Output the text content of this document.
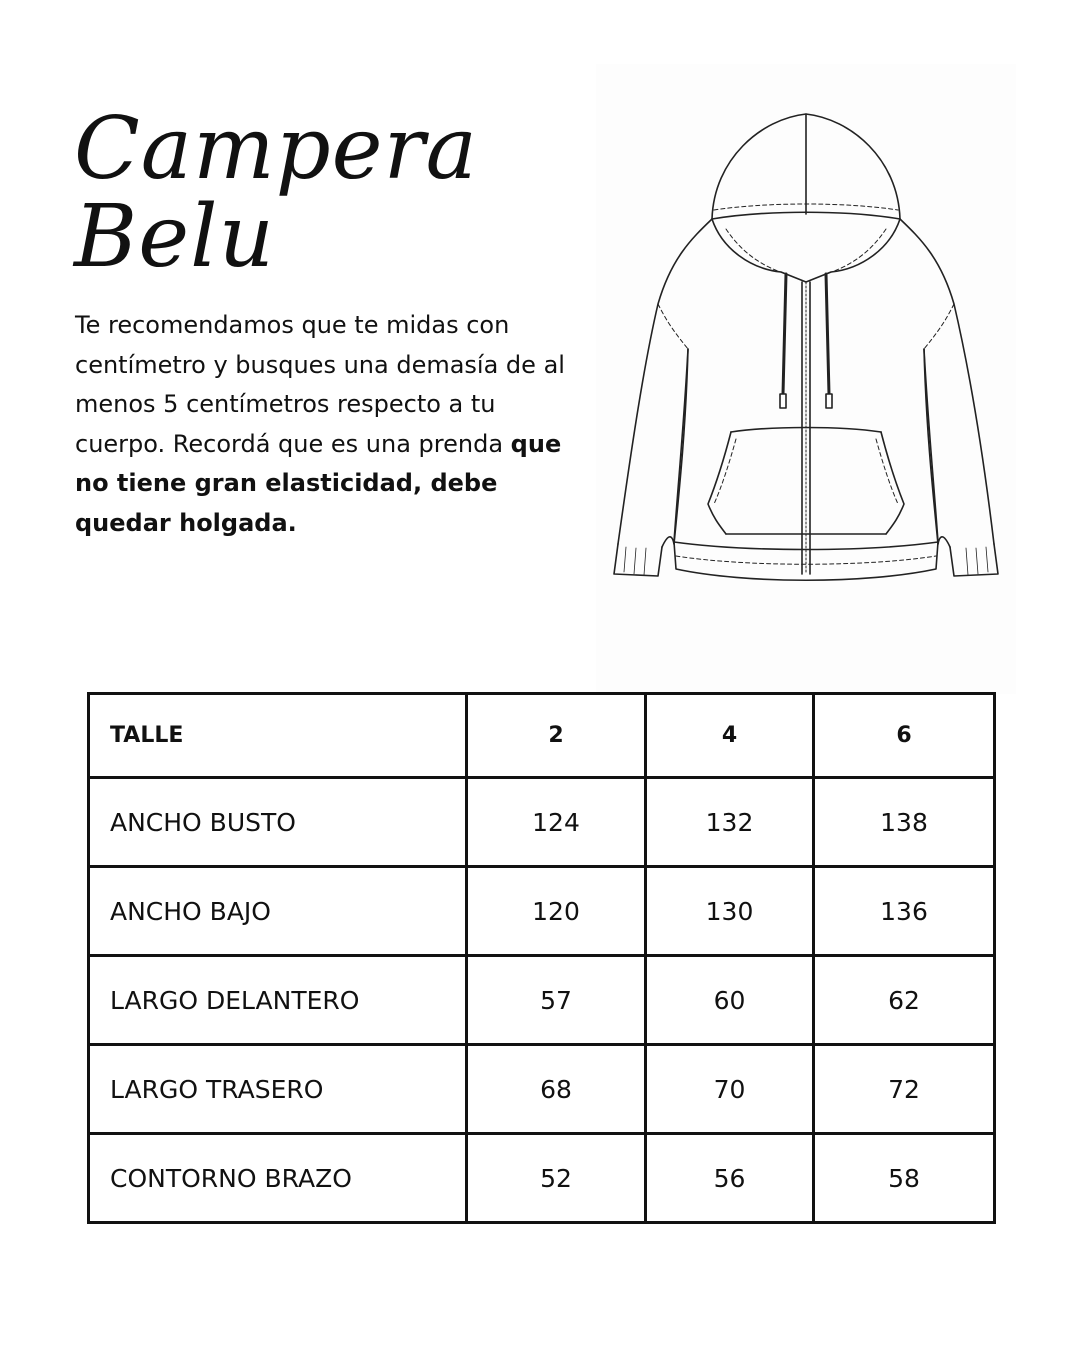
Campera
Belu

Te recomendamos que te midas con centímetro y busques una demasía de al menos 5 centímetros respecto a tu cuerpo. Recordá que es una prenda que no tiene gran elasticidad, debe quedar holgada.

TALLE	2	4	6
ANCHO BUSTO	124	132	138
ANCHO BAJO	120	130	136
LARGO DELANTERO	57	60	62
LARGO TRASERO	68	70	72
CONTORNO BRAZO	52	56	58
